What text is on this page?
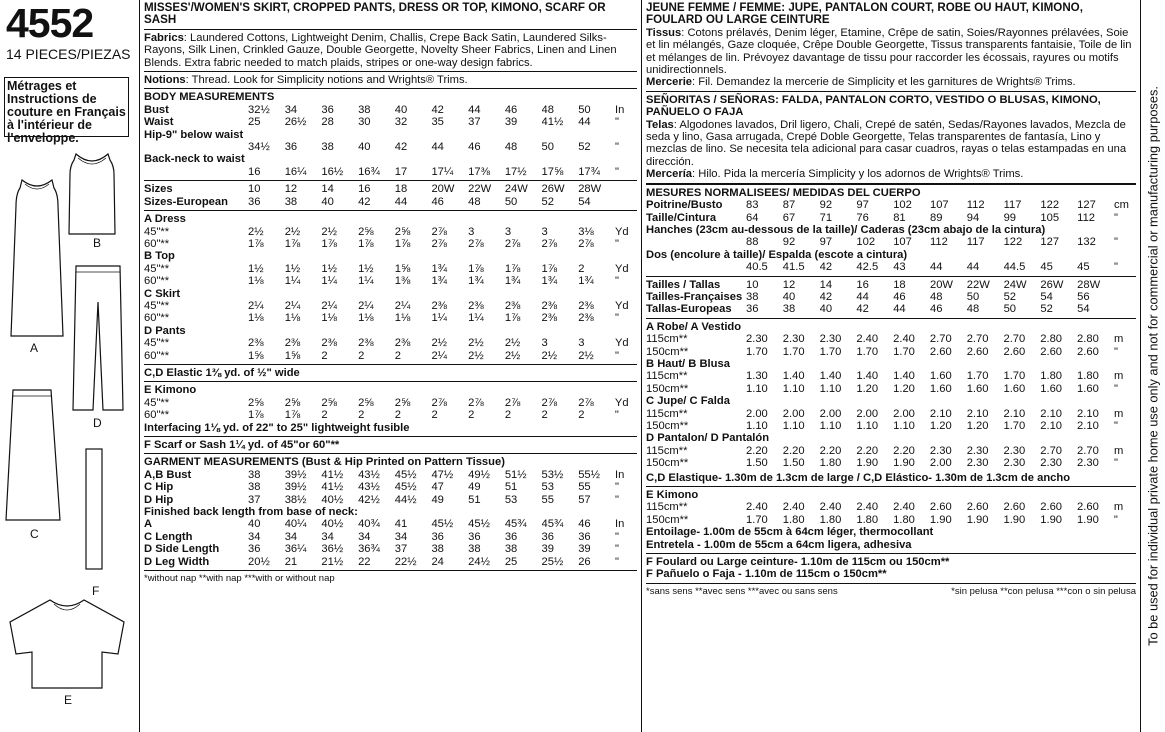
4552
14 PIECES/PIEZAS
Métrages et Instructions de couture en Français à l'intérieur de l'enveloppe.
B
A
D
C
F
E
MISSES'/WOMEN'S SKIRT, CROPPED PANTS, DRESS OR TOP, KIMONO, SCARF OR SASH
Fabrics: Laundered Cottons, Lightweight Denim, Challis, Crepe Back Satin, Laundered Silks-Rayons, Silk Linen, Crinkled Gauze, Double Georgette, Novelty Sheer Fabrics, Linen and Linen Blends. Extra fabric needed to match plaids, stripes or one-way design fabrics.
Notions: Thread. Look for Simplicity notions and Wrights® Trims.
BODY MEASUREMENTS
Bust	32½	34	36	38	40	42	44	46	48	50	In
Waist	25	26½	28	30	32	35	37	39	41½	44	"
Hip-9" below waist											
	34½	36	38	40	42	44	46	48	50	52	"
Back-neck to waist											
	16	16¼	16½	16¾	17	17¼	17⅜	17½	17⅝	17¾	"
Sizes	10	12	14	16	18	20W	22W	24W	26W	28W	
Sizes-European	36	38	40	42	44	46	48	50	52	54	
A Dress											
45"**	2½	2½	2½	2⅝	2⅝	2⅞	3	3	3	3⅛	Yd
60"**	1⅞	1⅞	1⅞	1⅞	1⅞	2⅞	2⅞	2⅞	2⅞	2⅞	"
B Top											
45"**	1½	1½	1½	1½	1⅝	1¾	1⅞	1⅞	1⅞	2	Yd
60"**	1⅛	1¼	1¼	1¼	1⅜	1¾	1¾	1¾	1¾	1¾	"
C Skirt											
45"**	2¼	2¼	2¼	2¼	2¼	2⅜	2⅜	2⅜	2⅜	2⅜	Yd
60"**	1⅛	1⅛	1⅛	1⅛	1⅛	1¼	1¼	1⅞	2⅜	2⅜	"
D Pants											
45"**	2⅜	2⅜	2⅜	2⅜	2⅜	2½	2½	2½	3	3	Yd
60"**	1⅝	1⅝	2	2	2	2¼	2½	2½	2½	2½	"
C,D Elastic 1⅜ yd. of ½" wide
E Kimono											
45"**	2⅝	2⅝	2⅝	2⅝	2⅝	2⅞	2⅞	2⅞	2⅞	2⅞	Yd
60"**	1⅞	1⅞	2	2	2	2	2	2	2	2	"
Interfacing 1⅛ yd. of 22" to 25" lightweight fusible
F Scarf or Sash 1¼ yd. of 45"or 60"**
GARMENT MEASUREMENTS (Bust & Hip Printed on Pattern Tissue)
A,B Bust	38	39½	41½	43½	45½	47½	49½	51½	53½	55½	In
C Hip	38	39½	41½	43½	45½	47	49	51	53	55	"
D Hip	37	38½	40½	42½	44½	49	51	53	55	57	"
Finished back length from base of neck:
A	40	40¼	40½	40¾	41	45½	45½	45¾	45¾	46	In
C Length	34	34	34	34	34	36	36	36	36	36	"
D Side Length	36	36¼	36½	36¾	37	38	38	38	39	39	"
D Leg Width	20½	21	21½	22	22½	24	24½	25	25½	26	"
*without nap **with nap ***with or without nap
JEUNE FEMME / FEMME: JUPE, PANTALON COURT, ROBE OU HAUT, KIMONO, FOULARD OU LARGE CEINTURE
Tissus: Cotons prélavés, Denim léger, Etamine, Crêpe de satin, Soies/Rayonnes prélavées, Soie et lin mélangés, Gaze cloquée, Crêpe Double Georgette, Tissus transparents fantaisie, Toile de lin et mélanges de lin. Prévoyez davantage de tissu pour raccorder les écossais, rayures ou motifs unidirectionnels.
Mercerie: Fil. Demandez la mercerie de Simplicity et les garnitures de Wrights® Trims.
SEÑORITAS / SEÑORAS: FALDA, PANTALON CORTO, VESTIDO O BLUSAS, KIMONO, PAÑUELO O FAJA
Telas: Algodones lavados, Dril ligero, Chali, Crepé de satén, Sedas/Rayones lavados, Mezcla de seda y lino, Gasa arrugada, Crepé Doble Georgette, Telas transparentes de fantasía, Lino y mezclas de lino. Se necesita tela adicional para casar cuadros, rayas o telas estampadas en una dirección.
Mercería: Hilo. Pida la mercería Simplicity y los adornos de Wrights® Trims.
MESURES NORMALISEES/ MEDIDAS DEL CUERPO
Poitrine/Busto	83	87	92	97	102	107	112	117	122	127	cm
Taille/Cintura	64	67	71	76	81	89	94	99	105	112	"
Hanches (23cm au-dessous de la taille)/ Caderas (23cm abajo de la cintura)											
	88	92	97	102	107	112	117	122	127	132	"
Dos (encolure à taille)/ Espalda (escote a cintura)											
	40.5	41.5	42	42.5	43	44	44	44.5	45	45	"
Tailles / Tallas	10	12	14	16	18	20W	22W	24W	26W	28W	
Tailles-Françaises	38	40	42	44	46	48	50	52	54	56	
Tallas-Europeas	36	38	40	42	44	46	48	50	52	54	
A Robe/ A Vestido											
115cm**	2.30	2.30	2.30	2.40	2.40	2.70	2.70	2.70	2.80	2.80	m
150cm**	1.70	1.70	1.70	1.70	1.70	2.60	2.60	2.60	2.60	2.60	"
B Haut/ B Blusa											
115cm**	1.30	1.40	1.40	1.40	1.40	1.60	1.70	1.70	1.80	1.80	m
150cm**	1.10	1.10	1.10	1.20	1.20	1.60	1.60	1.60	1.60	1.60	"
C Jupe/ C Falda											
115cm**	2.00	2.00	2.00	2.00	2.00	2.10	2.10	2.10	2.10	2.10	m
150cm**	1.10	1.10	1.10	1.10	1.10	1.20	1.20	1.70	2.10	2.10	"
D Pantalon/ D Pantalón											
115cm**	2.20	2.20	2.20	2.20	2.20	2.30	2.30	2.30	2.70	2.70	m
150cm**	1.50	1.50	1.80	1.90	1.90	2.00	2.30	2.30	2.30	2.30	"
C,D Elastique- 1.30m de 1.3cm de large / C,D Elástico- 1.30m de 1.3cm de ancho
E Kimono											
115cm**	2.40	2.40	2.40	2.40	2.40	2.60	2.60	2.60	2.60	2.60	m
150cm**	1.70	1.80	1.80	1.80	1.80	1.90	1.90	1.90	1.90	1.90	"
Entoilage- 1.00m de 55cm à 64cm léger, thermocollant
Entretela - 1.00m de 55cm a 64cm ligera, adhesiva
F Foulard ou Large ceinture- 1.10m de 115cm ou 150cm**
F Pañuelo o Faja - 1.10m de 115cm o 150cm**
*sans sens **avec sens ***avec ou sans sens	*sin pelusa **con pelusa ***con o sin pelusa To be used for individual private home use only and not for commercial or manufacturing purposes.
